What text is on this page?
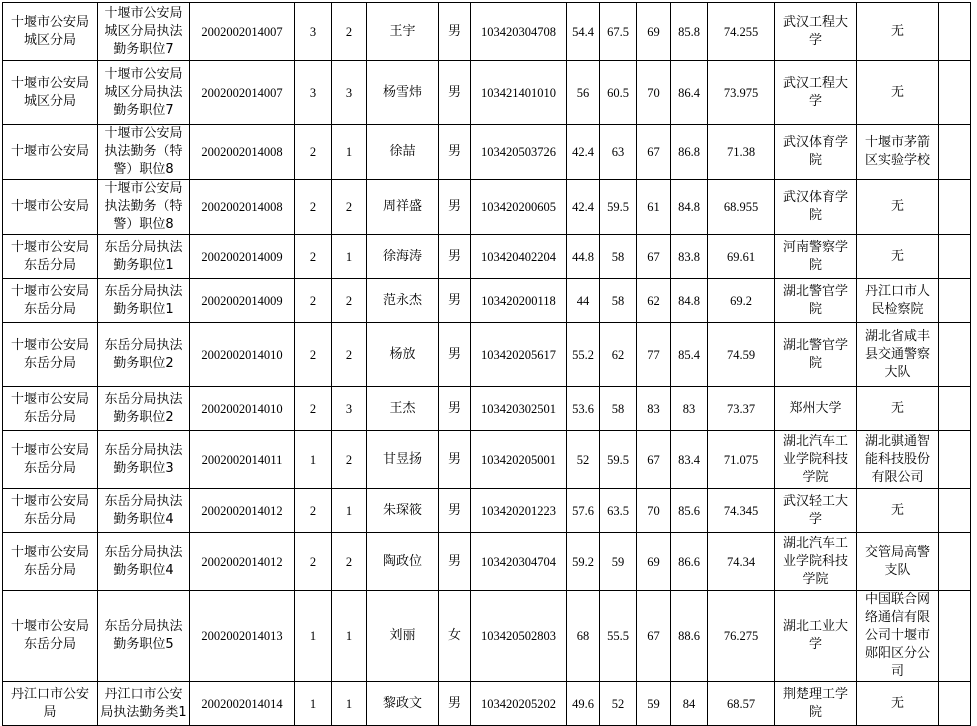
十堰市公安局城区分局	十堰市公安局城区分局执法勤务职位7	2002002014007	3	2	王宇	男	103420304708	54.4	67.5	69	85.8	74.255	武汉工程大学	无	
十堰市公安局城区分局	十堰市公安局城区分局执法勤务职位7	2002002014007	3	3	杨雪炜	男	103421401010	56	60.5	70	86.4	73.975	武汉工程大学	无	
十堰市公安局	十堰市公安局执法勤务（特警）职位8	2002002014008	2	1	徐喆	男	103420503726	42.4	63	67	86.8	71.38	武汉体育学院	十堰市茅箭区实验学校	
十堰市公安局	十堰市公安局执法勤务（特警）职位8	2002002014008	2	2	周祥盛	男	103420200605	42.4	59.5	61	84.8	68.955	武汉体育学院	无	
十堰市公安局东岳分局	东岳分局执法勤务职位1	2002002014009	2	1	徐海涛	男	103420402204	44.8	58	67	83.8	69.61	河南警察学院	无	
十堰市公安局东岳分局	东岳分局执法勤务职位1	2002002014009	2	2	范永杰	男	103420200118	44	58	62	84.8	69.2	湖北警官学院	丹江口市人民检察院	
十堰市公安局东岳分局	东岳分局执法勤务职位2	2002002014010	2	2	杨放	男	103420205617	55.2	62	77	85.4	74.59	湖北警官学院	湖北省咸丰县交通警察大队	
十堰市公安局东岳分局	东岳分局执法勤务职位2	2002002014010	2	3	王杰	男	103420302501	53.6	58	83	83	73.37	郑州大学	无	
十堰市公安局东岳分局	东岳分局执法勤务职位3	2002002014011	1	2	甘昱扬	男	103420205001	52	59.5	67	83.4	71.075	湖北汽车工业学院科技学院	湖北骐通智能科技股份有限公司	
十堰市公安局东岳分局	东岳分局执法勤务职位4	2002002014012	2	1	朱琛筱	男	103420201223	57.6	63.5	70	85.6	74.345	武汉轻工大学	无	
十堰市公安局东岳分局	东岳分局执法勤务职位4	2002002014012	2	2	陶政位	男	103420304704	59.2	59	69	86.6	74.34	湖北汽车工业学院科技学院	交管局高警支队	
十堰市公安局东岳分局	东岳分局执法勤务职位5	2002002014013	1	1	刘丽	女	103420502803	68	55.5	67	88.6	76.275	湖北工业大学	中国联合网络通信有限公司十堰市郧阳区分公司	
丹江口市公安局	丹江口市公安局执法勤务类1	2002002014014	1	1	黎政文	男	103420205202	49.6	52	59	84	68.57	荆楚理工学院	无	
